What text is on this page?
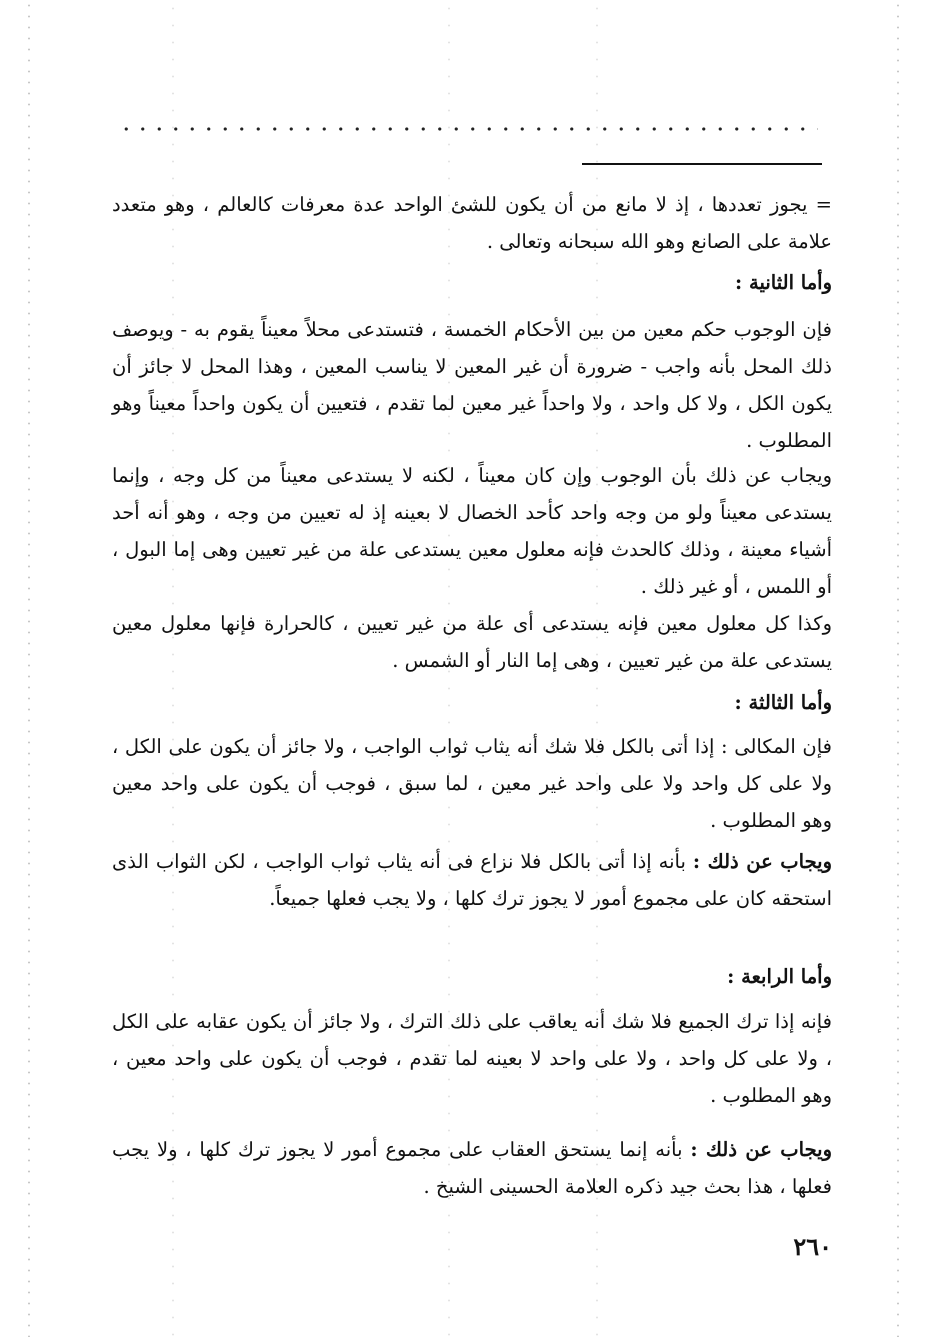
= يجوز تعددها ، إذ لا مانع من أن يكون للشئ الواحد عدة معرفات كالعالم ، وهو متعدد علامة على الصانع وهو الله سبحانه وتعالى .
وأما الثانية :
فإن الوجوب حكم معين من بين الأحكام الخمسة ، فتستدعى محلاً معيناً يقوم به - ويوصف ذلك المحل بأنه واجب - ضرورة أن غير المعين لا يناسب المعين ، وهذا المحل لا جائز أن يكون الكل ، ولا كل واحد ، ولا واحداً غير معين لما تقدم ، فتعيين أن يكون واحداً معيناً وهو المطلوب .
ويجاب عن ذلك بأن الوجوب وإن كان معيناً ، لكنه لا يستدعى معيناً من كل وجه ، وإنما يستدعى معيناً ولو من وجه واحد كأحد الخصال لا بعينه إذ له تعيين من وجه ، وهو أنه أحد أشياء معينة ، وذلك كالحدث فإنه معلول معين يستدعى علة من غير تعيين وهى إما البول ، أو اللمس ، أو غير ذلك .
وكذا كل معلول معين فإنه يستدعى أى علة من غير تعيين ، كالحرارة فإنها معلول معين يستدعى علة من غير تعيين ، وهى إما النار أو الشمس .
وأما الثالثة :
فإن المكالى : إذا أتى بالكل فلا شك أنه يثاب ثواب الواجب ، ولا جائز أن يكون على الكل ، ولا على كل واحد ولا على واحد غير معين ، لما سبق ، فوجب أن يكون على واحد معين وهو المطلوب .
ويجاب عن ذلك : بأنه إذا أتى بالكل فلا نزاع فى أنه يثاب ثواب الواجب ، لكن الثواب الذى استحقه كان على مجموع أمور لا يجوز ترك كلها ، ولا يجب فعلها جميعاً.
وأما الرابعة :
فإنه إذا ترك الجميع فلا شك أنه يعاقب على ذلك الترك ، ولا جائز أن يكون عقابه على الكل ، ولا على كل واحد ، ولا على واحد لا بعينه لما تقدم ، فوجب أن يكون على واحد معين ، وهو المطلوب .
ويجاب عن ذلك : بأنه إنما يستحق العقاب على مجموع أمور لا يجوز ترك كلها ، ولا يجب فعلها ، هذا بحث جيد ذكره العلامة الحسينى الشيخ .
٢٦٠
